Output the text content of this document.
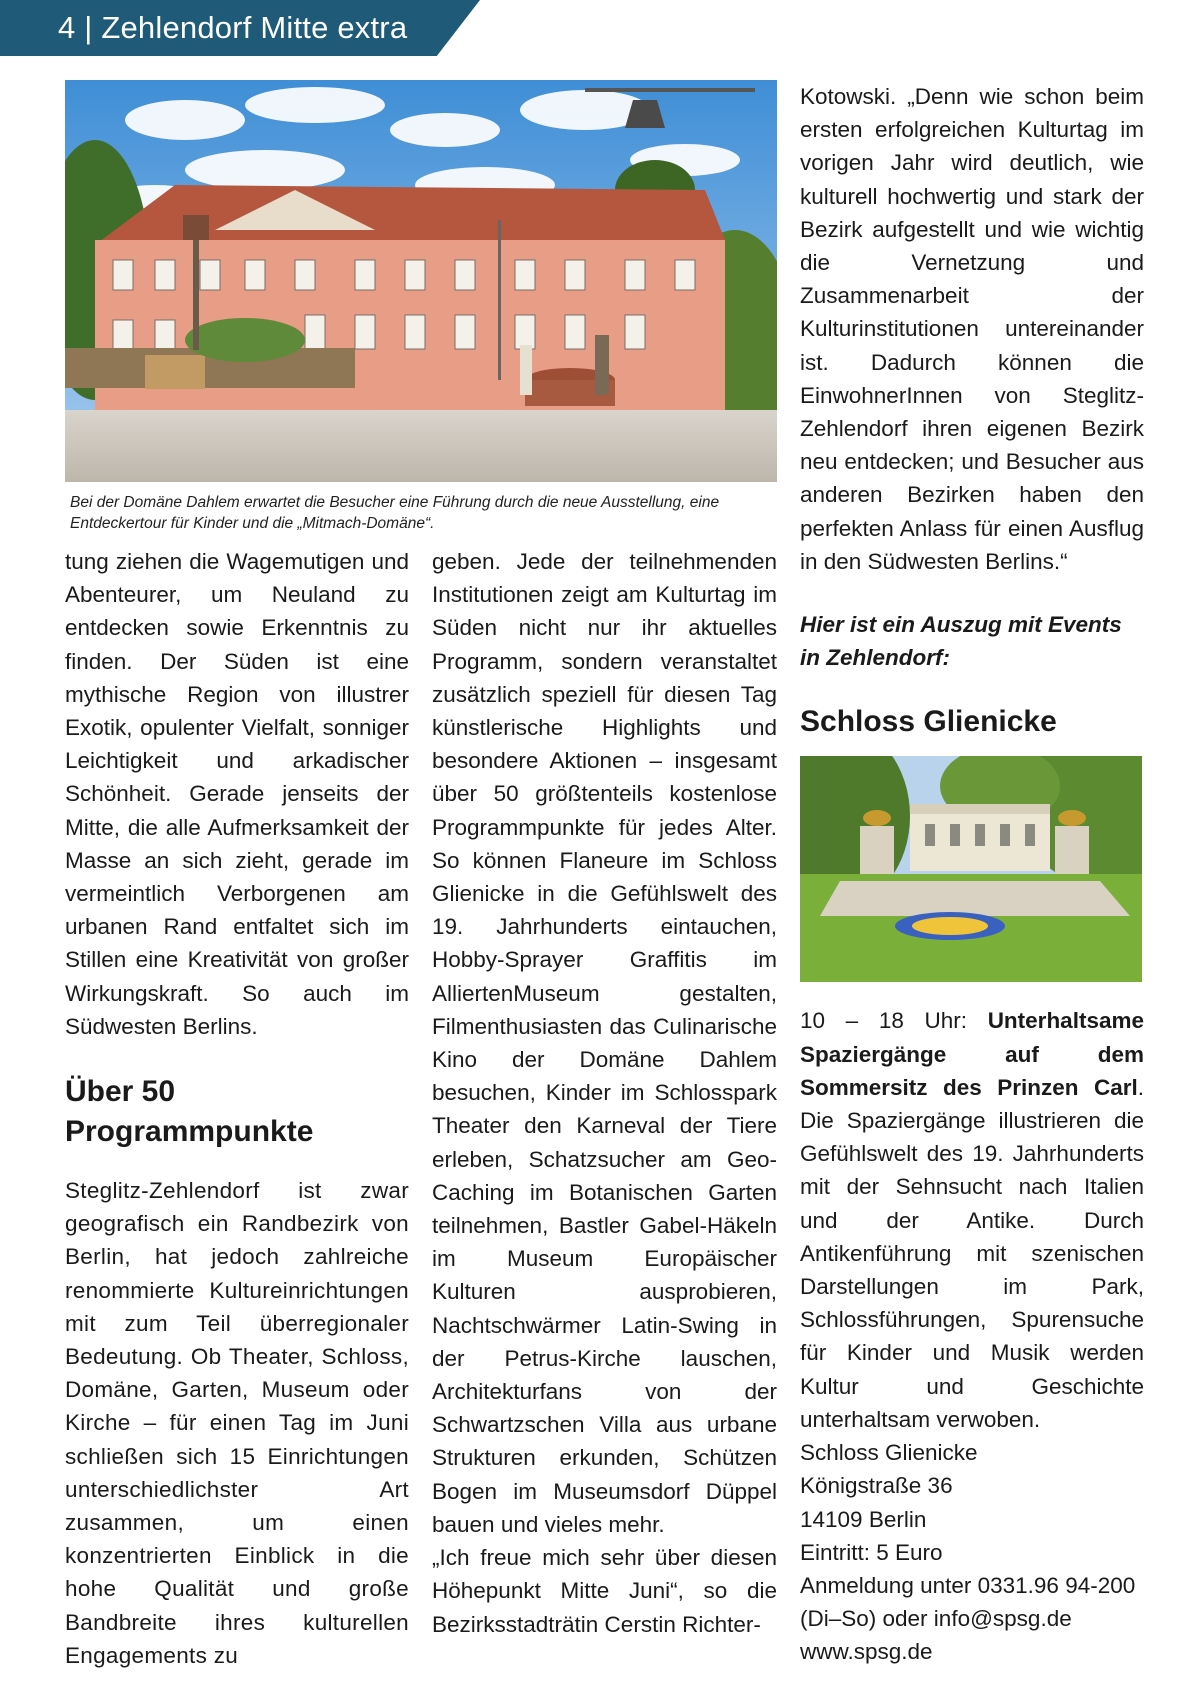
4 | Zehlendorf Mitte extra
Bei der Domäne Dahlem erwartet die Besucher eine Führung durch die neue Ausstellung, eine Entdeckertour für Kinder und die „Mitmach-Domäne“.

tung ziehen die Wagemutigen und Abenteurer, um Neuland zu entdecken sowie Erkenntnis zu finden. Der Süden ist eine mythische Region von illustrer Exotik, opulenter Vielfalt, sonniger Leichtigkeit und arkadischer Schönheit. Gerade jenseits der Mitte, die alle Aufmerksamkeit der Masse an sich zieht, gerade im vermeintlich Verborgenen am urbanen Rand entfaltet sich im Stillen eine Kreativität von großer Wirkungskraft. So auch im Südwesten Berlins.

Über 50 Programmpunkte

Steglitz-Zehlendorf ist zwar geografisch ein Randbezirk von Berlin, hat jedoch zahlreiche renommierte Kultureinrichtungen mit zum Teil überregionaler Bedeutung. Ob Theater, Schloss, Domäne, Garten, Museum oder Kirche – für einen Tag im Juni schließen sich 15 Einrichtungen unterschiedlichster Art zusammen, um einen konzentrierten Einblick in die hohe Qualität und große Bandbreite ihres kulturellen Engagements zu

geben. Jede der teilnehmenden Institutionen zeigt am Kulturtag im Süden nicht nur ihr aktuelles Programm, sondern veranstaltet zusätzlich speziell für diesen Tag künstlerische Highlights und besondere Aktionen – insgesamt über 50 größtenteils kostenlose Programmpunkte für jedes Alter. So können Flaneure im Schloss Glienicke in die Gefühlswelt des 19. Jahrhunderts eintauchen, Hobby-Sprayer Graffitis im AlliertenMuseum gestalten, Filmenthusiasten das Culinarische Kino der Domäne Dahlem besuchen, Kinder im Schlosspark Theater den Karneval der Tiere erleben, Schatzsucher am Geo-Caching im Botanischen Garten teilnehmen, Bastler Gabel-Häkeln im Museum Europäischer Kulturen ausprobieren, Nachtschwärmer Latin-Swing in der Petrus-Kirche lauschen, Architekturfans von der Schwartzschen Villa aus urbane Strukturen erkunden, Schützen Bogen im Museumsdorf Düppel bauen und vieles mehr.

„Ich freue mich sehr über diesen Höhepunkt Mitte Juni“, so die Bezirksstadträtin Cerstin Richter-

Kotowski. „Denn wie schon beim ersten erfolgreichen Kulturtag im vorigen Jahr wird deutlich, wie kulturell hochwertig und stark der Bezirk aufgestellt und wie wichtig die Vernetzung und Zusammenarbeit der Kulturinstitutionen untereinander ist. Dadurch können die EinwohnerInnen von Steglitz-Zehlendorf ihren eigenen Bezirk neu entdecken; und Besucher aus anderen Bezirken haben den perfekten Anlass für einen Ausflug in den Südwesten Berlins.“

Hier ist ein Auszug mit Events in Zehlendorf:

Schloss Glienicke

10 – 18 Uhr: Unterhaltsame Spaziergänge auf dem Sommersitz des Prinzen Carl. Die Spaziergänge illustrieren die Gefühlswelt des 19. Jahrhunderts mit der Sehnsucht nach Italien und der Antike. Durch Antikenführung mit szenischen Darstellungen im Park, Schlossführungen, Spurensuche für Kinder und Musik werden Kultur und Geschichte unterhaltsam verwoben.

Schloss Glienicke
Königstraße 36
14109 Berlin
Eintritt: 5 Euro
Anmeldung unter 0331.96 94-200 (Di–So) oder info@spsg.de
www.spsg.de
